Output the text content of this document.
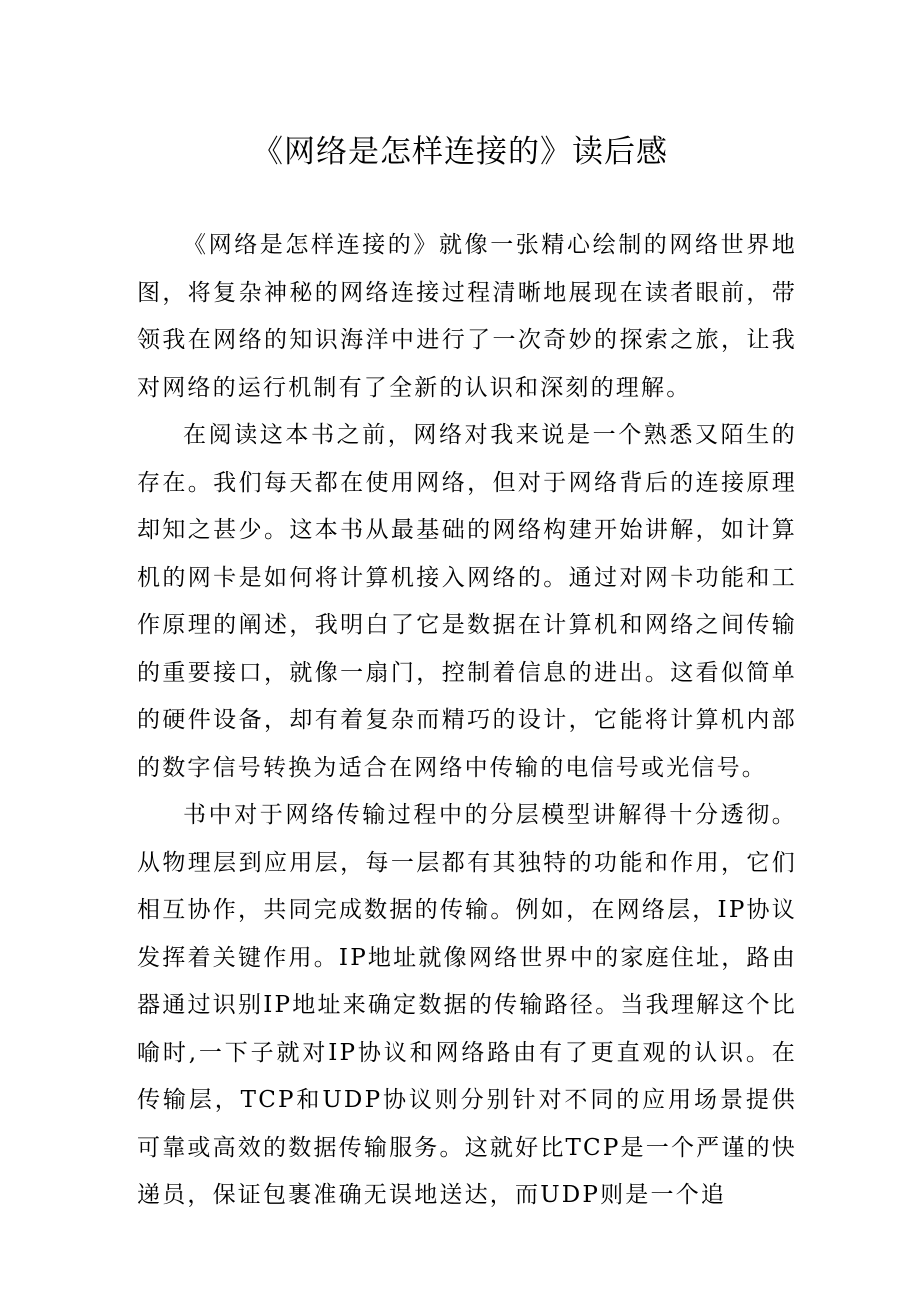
《网络是怎样连接的》读后感

《网络是怎样连接的》就像一张精心绘制的网络世界地图，将复杂神秘的网络连接过程清晰地展现在读者眼前，带领我在网络的知识海洋中进行了一次奇妙的探索之旅，让我对网络的运行机制有了全新的认识和深刻的理解。

在阅读这本书之前，网络对我来说是一个熟悉又陌生的存在。我们每天都在使用网络，但对于网络背后的连接原理却知之甚少。这本书从最基础的网络构建开始讲解，如计算机的网卡是如何将计算机接入网络的。通过对网卡功能和工作原理的阐述，我明白了它是数据在计算机和网络之间传输的重要接口，就像一扇门，控制着信息的进出。这看似简单的硬件设备，却有着复杂而精巧的设计，它能将计算机内部的数字信号转换为适合在网络中传输的电信号或光信号。

书中对于网络传输过程中的分层模型讲解得十分透彻。从物理层到应用层，每一层都有其独特的功能和作用，它们相互协作，共同完成数据的传输。例如，在网络层，IP协议发挥着关键作用。IP地址就像网络世界中的家庭住址，路由器通过识别IP地址来确定数据的传输路径。当我理解这个比喻时,一下子就对IP协议和网络路由有了更直观的认识。在传输层，TCP和UDP协议则分别针对不同的应用场景提供可靠或高效的数据传输服务。这就好比TCP是一个严谨的快递员，保证包裹准确无误地送达，而UDP则是一个追
